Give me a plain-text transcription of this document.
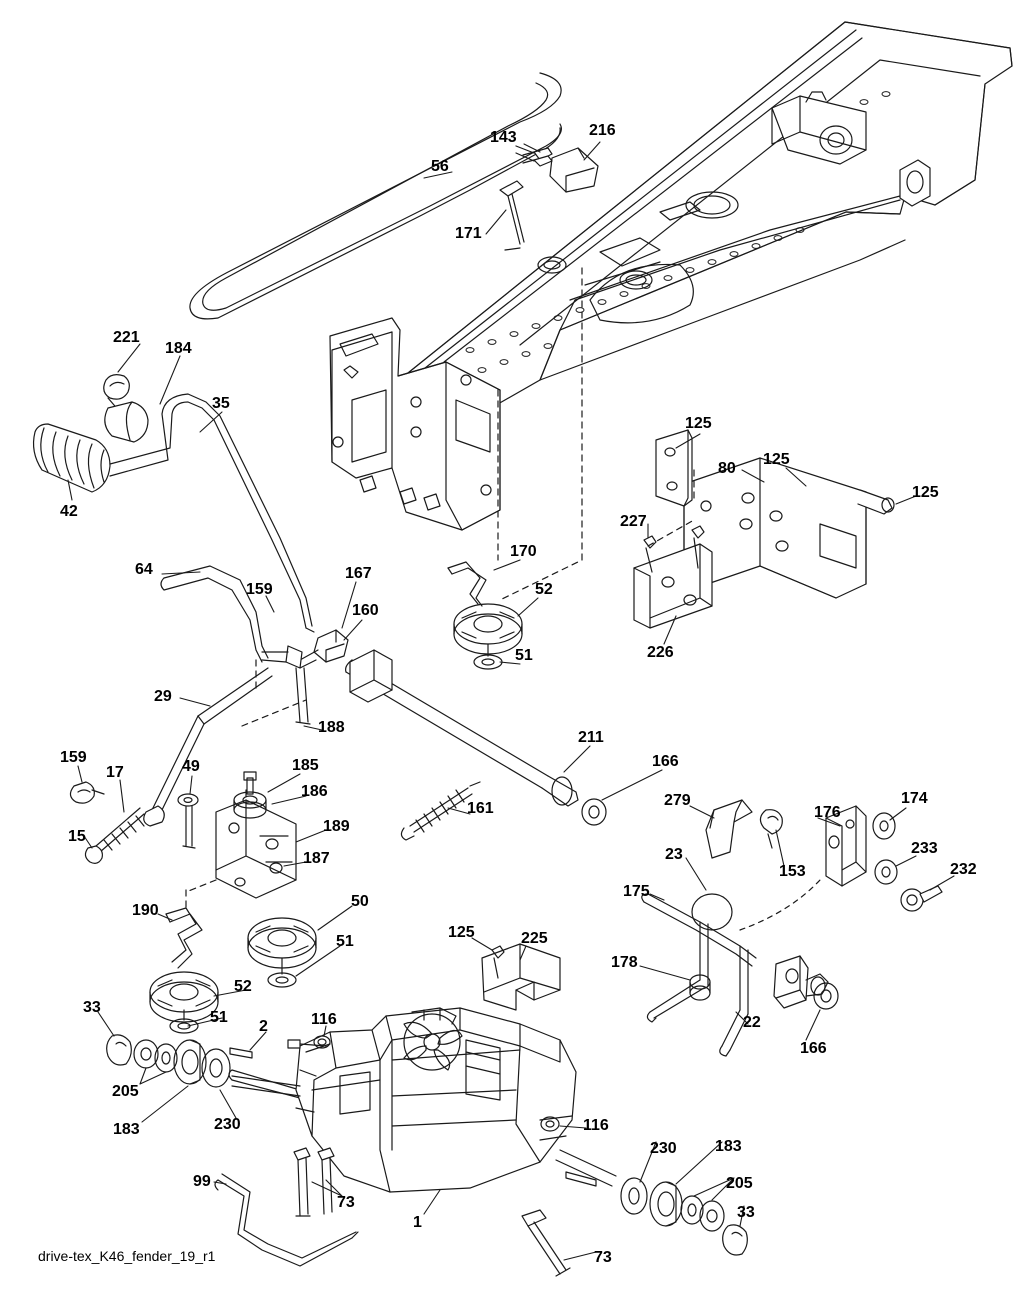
143	216
56
171
221
184
35
42
125
80
125
125
227
170
52
51	226
64
159
167
160
29
188
211
166
159
17	49	185
186
161	279
176
174
15
189
187	23
153
233
232
175
190
50
51
125	225
178
52
51	22
166
33
2	116
205
183	230	116
230 183
205
33
99
73
1
73
drive-tex_K46_fender_19_r1
